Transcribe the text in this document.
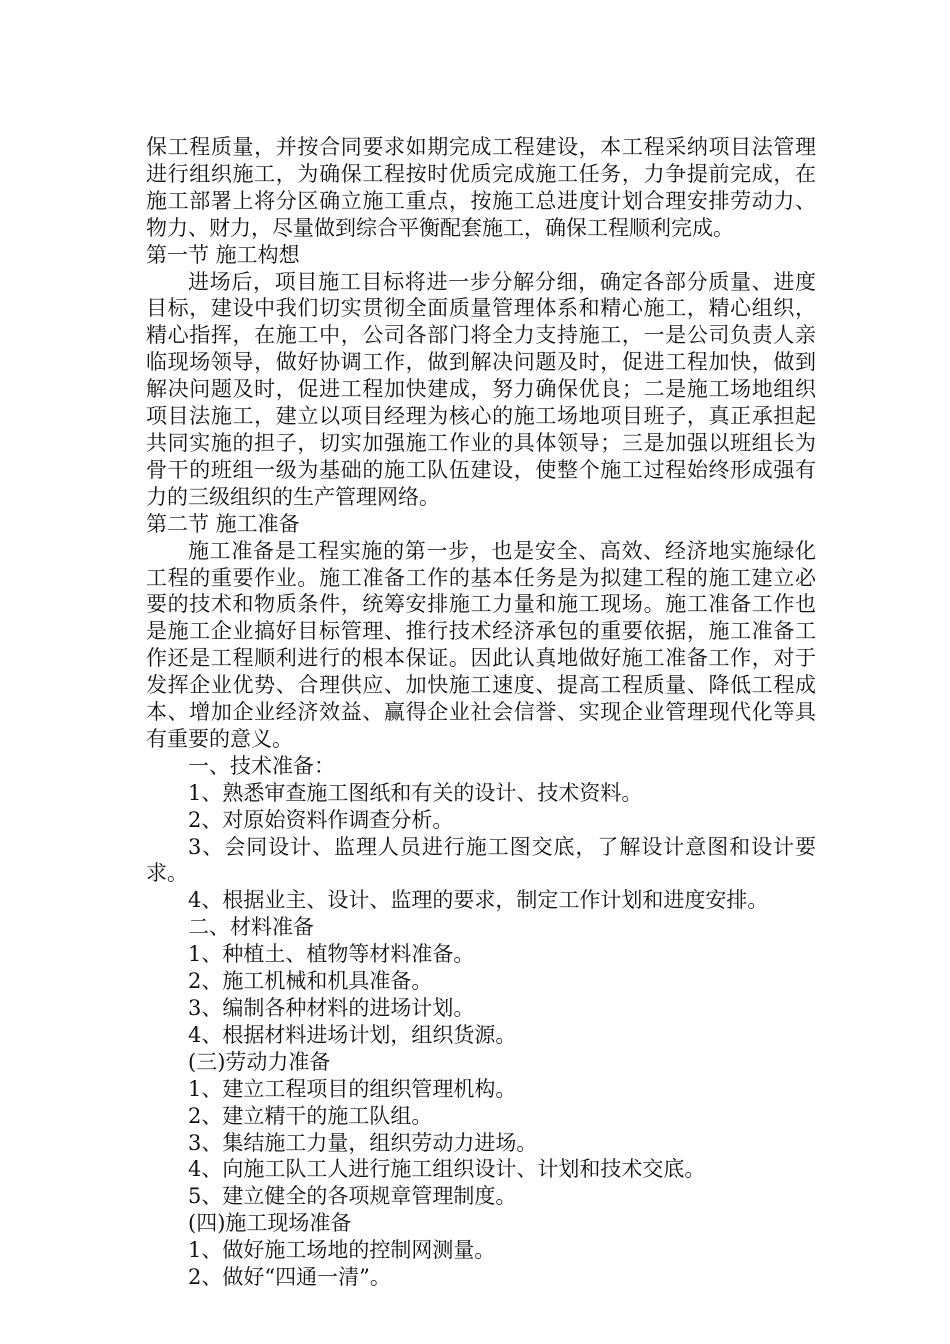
保工程质量，并按合同要求如期完成工程建设，本工程采纳项目法管理进行组织施工，为确保工程按时优质完成施工任务，力争提前完成，在施工部署上将分区确立施工重点，按施工总进度计划合理安排劳动力、物力、财力，尽量做到综合平衡配套施工，确保工程顺利完成。

第一节 施工构想

进场后，项目施工目标将进一步分解分细，确定各部分质量、进度目标，建设中我们切实贯彻全面质量管理体系和精心施工，精心组织，精心指挥，在施工中，公司各部门将全力支持施工，一是公司负责人亲临现场领导，做好协调工作，做到解决问题及时，促进工程加快，做到解决问题及时，促进工程加快建成，努力确保优良；二是施工场地组织项目法施工，建立以项目经理为核心的施工场地项目班子，真正承担起共同实施的担子，切实加强施工作业的具体领导；三是加强以班组长为骨干的班组一级为基础的施工队伍建设，使整个施工过程始终形成强有力的三级组织的生产管理网络。

第二节 施工准备

施工准备是工程实施的第一步，也是安全、高效、经济地实施绿化工程的重要作业。施工准备工作的基本任务是为拟建工程的施工建立必要的技术和物质条件，统筹安排施工力量和施工现场。施工准备工作也是施工企业搞好目标管理、推行技术经济承包的重要依据，施工准备工作还是工程顺利进行的根本保证。因此认真地做好施工准备工作，对于发挥企业优势、合理供应、加快施工速度、提高工程质量、降低工程成本、增加企业经济效益、赢得企业社会信誉、实现企业管理现代化等具有重要的意义。

一、技术准备：

1、熟悉审查施工图纸和有关的设计、技术资料。

2、对原始资料作调查分析。

3、会同设计、监理人员进行施工图交底，了解设计意图和设计要求。

4、根据业主、设计、监理的要求，制定工作计划和进度安排。

二、材料准备

1、种植土、植物等材料准备。

2、施工机械和机具准备。

3、编制各种材料的进场计划。

4、根据材料进场计划，组织货源。

(三)劳动力准备

1、建立工程项目的组织管理机构。

2、建立精干的施工队组。

3、集结施工力量，组织劳动力进场。

4、向施工队工人进行施工组织设计、计划和技术交底。

5、建立健全的各项规章管理制度。

(四)施工现场准备

1、做好施工场地的控制网测量。

2、做好“四通一清”。
